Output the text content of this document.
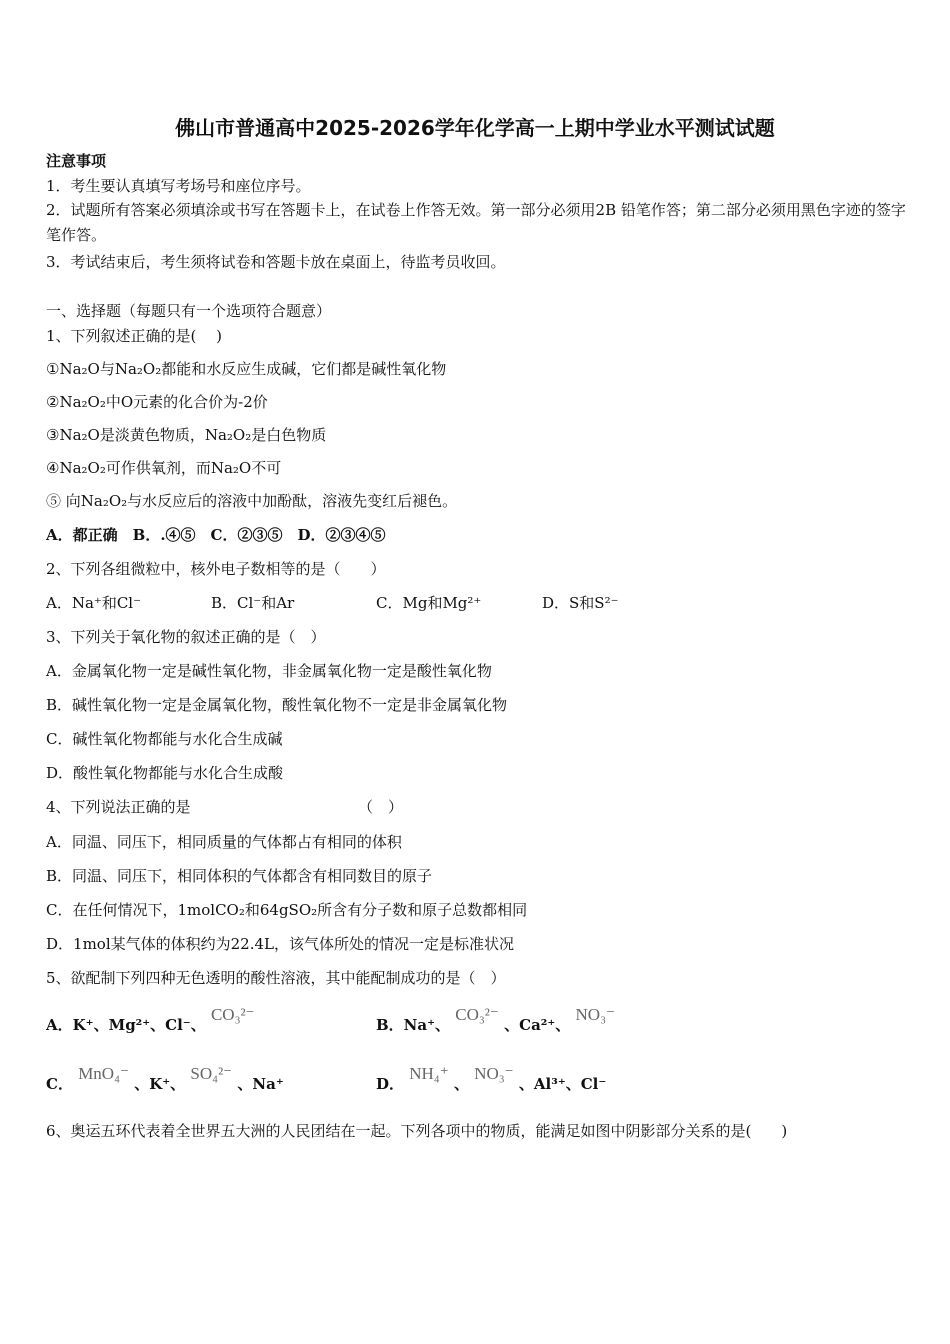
佛山市普通高中2025-2026学年化学高一上期中学业水平测试试题
注意事项
1．考生要认真填写考场号和座位序号。
2．试题所有答案必须填涂或书写在答题卡上，在试卷上作答无效。第一部分必须用2B 铅笔作答；第二部分必须用黑色字迹的签字笔作答。
3．考试结束后，考生须将试卷和答题卡放在桌面上，待监考员收回。
一、选择题（每题只有一个选项符合题意）
1、下列叙述正确的是(　 )
①Na₂O与Na₂O₂都能和水反应生成碱，它们都是碱性氧化物
②Na₂O₂中O元素的化合价为-2价
③Na₂O是淡黄色物质，Na₂O₂是白色物质
④Na₂O₂可作供氧剂，而Na₂O不可
⑤ 向Na₂O₂与水反应后的溶液中加酚酞，溶液先变红后褪色。
A．都正确　B．.④⑤　C．②③⑤　D．②③④⑤
2、下列各组微粒中，核外电子数相等的是（　　）
A．Na⁺和Cl⁻	B．Cl⁻和Ar	C．Mg和Mg²⁺	D．S和S²⁻
3、下列关于氧化物的叙述正确的是（　）
A．金属氧化物一定是碱性氧化物，非金属氧化物一定是酸性氧化物
B．碱性氧化物一定是金属氧化物，酸性氧化物不一定是非金属氧化物
C．碱性氧化物都能与水化合生成碱
D．酸性氧化物都能与水化合生成酸
4、下列说法正确的是	（　）
A．同温、同压下，相同质量的气体都占有相同的体积
B．同温、同压下，相同体积的气体都含有相同数目的原子
C．在任何情况下，1molCO₂和64gSO₂所含有分子数和原子总数都相同
D．1mol某气体的体积约为22.4L，该气体所处的情况一定是标准状况
5、欲配制下列四种无色透明的酸性溶液，其中能配制成功的是（　）
A．K⁺、Mg²⁺、Cl⁻、 CO₃²⁻
B．Na⁺、 CO₃²⁻ 、Ca²⁺、 NO₃⁻
C． MnO₄⁻ 、K⁺、 SO₄²⁻ 、Na⁺	D． NH₄⁺ 、 NO₃⁻ 、Al³⁺、Cl⁻
6、奥运五环代表着全世界五大洲的人民团结在一起。下列各项中的物质，能满足如图中阴影部分关系的是(　　)
